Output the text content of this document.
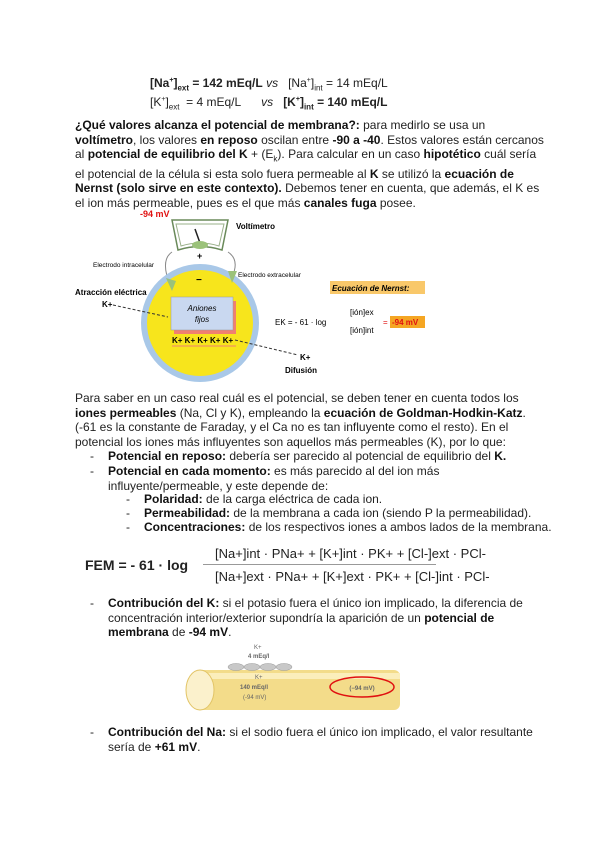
$[Na^+]_{ext} = 142$ mEq/L vs $[Na^+]_{int} = 14$ mEq/L
$[K^+]_{ext} = 4$ mEq/L vs $[K^+]_{int} = 140$ mEq/L
¿Qué valores alcanza el potencial de membrana?: para medirlo se usa un voltímetro, los valores en reposo oscilan entre -90 a -40. Estos valores están cercanos al potencial de equilibrio del $K + (E_k)$. Para calcular en un caso hipotético cuál sería el potencial de la célula si esta solo fuera permeable al K se utilizó la ecuación de Nernst (solo sirve en este contexto). Debemos tener en cuenta, que además, el K es el ion más permeable, pues es el que más canales fuga posee.
-94 mV
Voltímetro
Electrodo intracelular
Electrodo extracelular
+
−
Aniones
fijos
K+ K+ K+ K+ K+
Atracción eléctrica
K+
K+
Difusión
Ecuación de Nernst:
EK = - 61 · log
[ión]ex
[ión]int
= -94 mV
Para saber en un caso real cuál es el potencial, se deben tener en cuenta todos los iones permeables (Na, Cl y K), empleando la ecuación de Goldman-Hodkin-Katz. (-61 es la constante de Faraday, y el Ca no es tan influyente como el resto). En el potencial los iones más influyentes son aquellos más permeables (K), por lo que:
- Potencial en reposo: debería ser parecido al potencial de equilibrio del K.
- Potencial en cada momento: es más parecido al del ion más influyente/permeable, y este depende de:
- Polaridad: de la carga eléctrica de cada ion.
- Permeabilidad: de la membrana a cada ion (siendo P la permeabilidad).
- Concentraciones: de los respectivos iones a ambos lados de la membrana.
FEM = - 61 · log
[Na+]int · PNa+ + [K+]int · PK+ + [Cl-]ext · PCl-
[Na+]ext · PNa+ + [K+]ext · PK+ + [Cl-]int · PCl-
- Contribución del K: si el potasio fuera el único ion implicado, la diferencia de concentración interior/exterior supondría la aparición de un potencial de membrana de -94 mV.
K+
4 mEq/l
K+
140 mEq/l
(-94 mV)
(−94 mV)
- Contribución del Na: si el sodio fuera el único ion implicado, el valor resultante sería de +61 mV.
